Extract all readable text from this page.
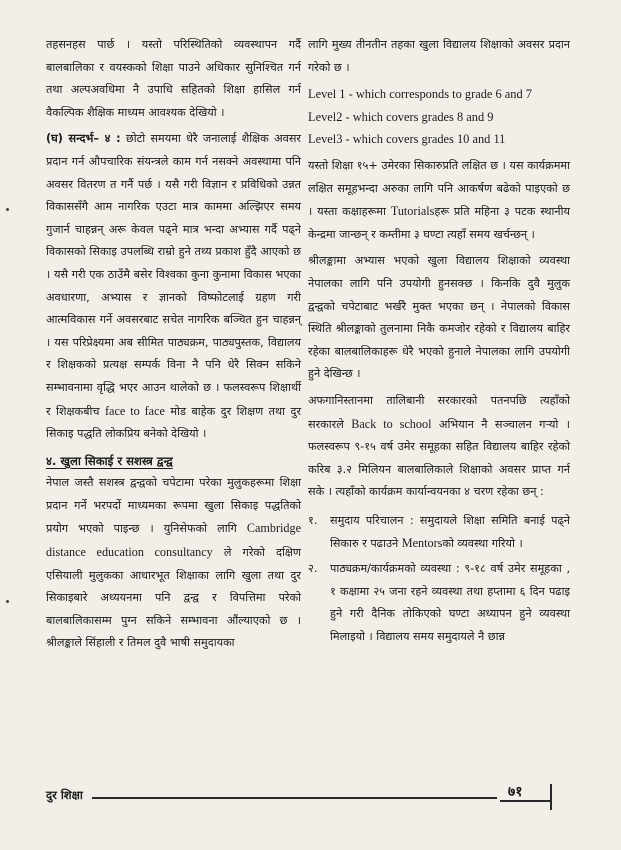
तहसनहस पार्छ । यस्तो परिस्थितिको व्यवस्थापन गर्दै बालबालिका र वयस्कको शिक्षा पाउने अधिकार सुनिश्चित गर्न तथा अल्पअवधिमा नै उपाधि सहितको शिक्षा हासिल गर्न वैकल्पिक शैक्षिक माध्यम आवश्यक देखियो ।

(घ) सन्दर्भ– ४ : छोटो समयमा धेरै जनालाई शैक्षिक अवसर प्रदान गर्न औपचारिक संयन्त्रले काम गर्न नसक्ने अवस्थामा पनि अवसर वितरण त गर्नै पर्छ । यसै गरी विज्ञान र प्रविधिको उन्नत विकाससँगै आम नागरिक एउटा मात्र काममा अल्झिएर समय गुजार्न चाहन्नन् अरू केवल पढ्ने मात्र भन्दा अभ्यास गर्दै पढ्ने विकासको सिकाइ उपलब्धि राम्रो हुने तथ्य प्रकाश हुँदै आएको छ । यसै गरी एक ठाउँमै बसेर विश्वका कुना कुनामा विकास भएका अवधारणा, अभ्यास र ज्ञानको विष्फोटलाई ग्रहण गरी आत्मविकास गर्ने अवसरबाट सचेत नागरिक बञ्चित हुन चाहन्नन् । यस परिप्रेक्ष्यमा अब सीमित पाठ्यक्रम, पाठ्यपुस्तक, विद्यालय र शिक्षकको प्रत्यक्ष सम्पर्क विना नै पनि धेरै सिक्न सकिने सम्भावनामा वृद्धि भएर आउन थालेको छ । फलस्वरूप शिक्षार्थी र शिक्षकबीच face to face मोड बाहेक दुर शिक्षण तथा दुर सिकाइ पद्धति लोकप्रिय बनेको देखियो ।

४. खुला सिकाई र सशस्त्र द्वन्द्व

नेपाल जस्तै सशस्त्र द्वन्द्वको चपेटामा परेका मुलुकहरूमा शिक्षा प्रदान गर्ने भरपर्दो माध्यमका रूपमा खुला सिकाइ पद्धतिको प्रयोग भएको पाइन्छ । युनिसेफको लागि Cambridge distance education consultancy ले गरेको दक्षिण एसियाली मुलुकका आधारभूत शिक्षाका लागि खुला तथा दुर सिकाइबारे अध्ययनमा पनि द्वन्द्व र विपत्तिमा परेको बालबालिकासम्म पुग्न सकिने सम्भावना औंल्याएको छ । श्रीलङ्काले सिंहाली र तिमल दुवै भाषी समुदायका

लागि मुख्य तीनतीन तहका खुला विद्यालय शिक्षाको अवसर प्रदान गरेको छ ।

Level 1 - which corresponds to grade 6 and 7

Level2 - which covers grades 8 and 9

Level3 - which covers grades 10 and 11

यस्तो शिक्षा १५+ उमेरका सिकारुप्रति लक्षित छ । यस कार्यक्रममा लक्षित समूहभन्दा अरुका लागि पनि आकर्षण बढेको पाइएको छ । यस्ता कक्षाहरूमा Tutorialsहरू प्रति महिना ३ पटक स्थानीय केन्द्रमा जान्छन् र कम्तीमा ३ घण्टा त्यहाँ समय खर्चन्छन् ।

श्रीलङ्कामा अभ्यास भएको खुला विद्यालय शिक्षाको व्यवस्था नेपालका लागि पनि उपयोगी हुनसक्छ । किनकि दुवै मुलुक द्वन्द्वको चपेटाबाट भर्खरै मुक्त भएका छन् । नेपालको विकास स्थिति श्रीलङ्काको तुलनामा निकै कमजोर रहेको र विद्यालय बाहिर रहेका बालबालिकाहरू धेरै भएको हुनाले नेपालका लागि उपयोगी हुने देखिन्छ ।

अफगानिस्तानमा तालिबानी सरकारको पतनपछि त्यहाँको सरकारले Back to school अभियान नै सञ्चालन गऱ्यो । फलस्वरूप ९-१५ वर्ष उमेर समूहका सहित विद्यालय बाहिर रहेको करिब ३.२ मिलियन बालबालिकाले शिक्षाको अवसर प्राप्त गर्न सके । त्यहाँको कार्यक्रम कार्यान्वयनका ४ चरण रहेका छन् :

१. समुदाय परिचालन : समुदायले शिक्षा समिति बनाई पढ्ने सिकारु र पढाउने Mentorsको व्यवस्था गरियो ।
२. पाठ्यक्रम/कार्यक्रमको व्यवस्था : ९-१८ वर्ष उमेर समूहका , १ कक्षामा २५ जना रहने व्यवस्था तथा हप्तामा ६ दिन पढाइ हुने गरी दैनिक तोकिएको घण्टा अध्यापन हुने व्यवस्था मिलाइयो । विद्यालय समय समुदायले नै छान्न
दुर शिक्षा	७१
